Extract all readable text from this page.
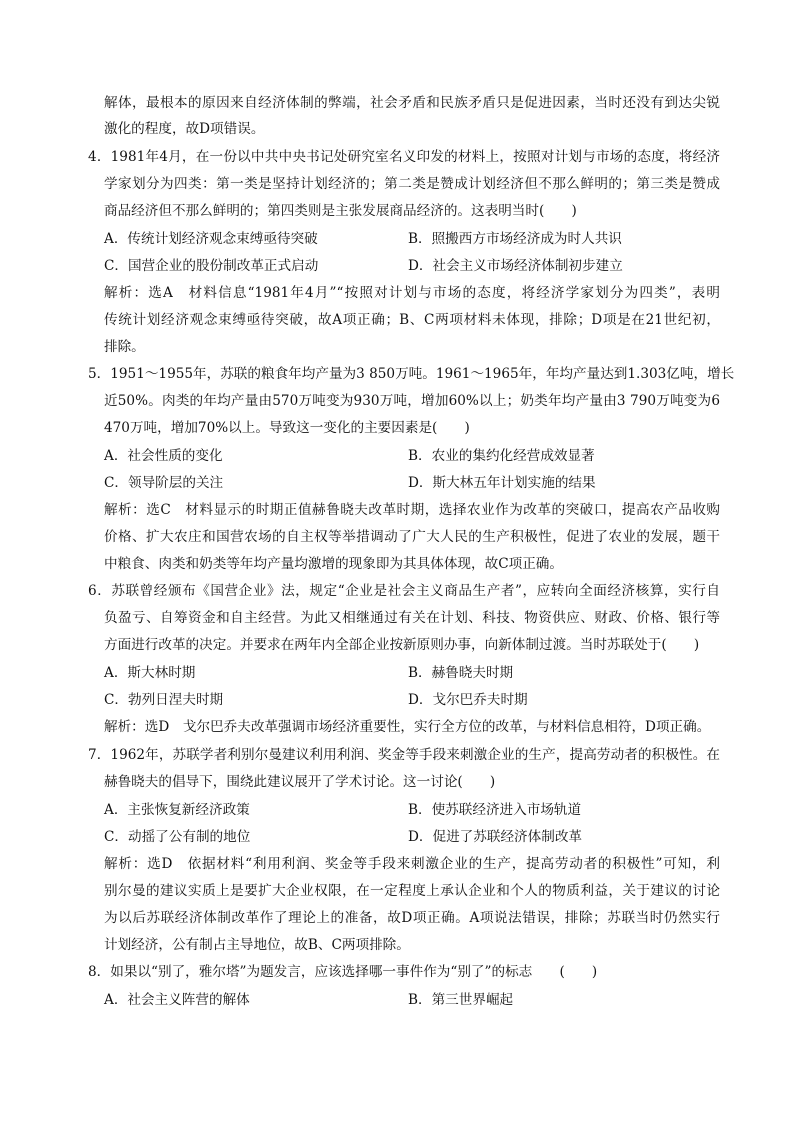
解体，最根本的原因来自经济体制的弊端，社会矛盾和民族矛盾只是促进因素，当时还没有到达尖锐
激化的程度，故D项错误。
4．1981年4月，在一份以中共中央书记处研究室名义印发的材料上，按照对计划与市场的态度，将经济
学家划分为四类：第一类是坚持计划经济的；第二类是赞成计划经济但不那么鲜明的；第三类是赞成
商品经济但不那么鲜明的；第四类则是主张发展商品经济的。这表明当时(　　)
A．传统计划经济观念束缚亟待突破	B．照搬西方市场经济成为时人共识
C．国营企业的股份制改革正式启动	D．社会主义市场经济体制初步建立
解析：选A　材料信息“1981年4月”“按照对计划与市场的态度，将经济学家划分为四类”，表明
传统计划经济观念束缚亟待突破，故A项正确；B、C两项材料未体现，排除；D项是在21世纪初，
排除。
5．1951～1955年，苏联的粮食年均产量为3 850万吨。1961～1965年，年均产量达到1.303亿吨，增长
近50%。肉类的年均产量由570万吨变为930万吨，增加60%以上；奶类年均产量由3 790万吨变为6
470万吨，增加70%以上。导致这一变化的主要因素是(　　)
A．社会性质的变化	B．农业的集约化经营成效显著
C．领导阶层的关注	D．斯大林五年计划实施的结果
解析：选C　材料显示的时期正值赫鲁晓夫改革时期，选择农业作为改革的突破口，提高农产品收购
价格、扩大农庄和国营农场的自主权等举措调动了广大人民的生产积极性，促进了农业的发展，题干
中粮食、肉类和奶类等年均产量均激增的现象即为其具体体现，故C项正确。
6．苏联曾经颁布《国营企业》法，规定“企业是社会主义商品生产者”，应转向全面经济核算，实行自
负盈亏、自筹资金和自主经营。为此又相继通过有关在计划、科技、物资供应、财政、价格、银行等
方面进行改革的决定。并要求在两年内全部企业按新原则办事，向新体制过渡。当时苏联处于(　　)
A．斯大林时期	B．赫鲁晓夫时期
C．勃列日涅夫时期	D．戈尔巴乔夫时期
解析：选D　戈尔巴乔夫改革强调市场经济重要性，实行全方位的改革，与材料信息相符，D项正确。
7．1962年，苏联学者利别尔曼建议利用利润、奖金等手段来刺激企业的生产，提高劳动者的积极性。在
赫鲁晓夫的倡导下，围绕此建议展开了学术讨论。这一讨论(　　)
A．主张恢复新经济政策	B．使苏联经济进入市场轨道
C．动摇了公有制的地位	D．促进了苏联经济体制改革
解析：选D　依据材料“利用利润、奖金等手段来刺激企业的生产，提高劳动者的积极性”可知，利
别尔曼的建议实质上是要扩大企业权限，在一定程度上承认企业和个人的物质利益，关于建议的讨论
为以后苏联经济体制改革作了理论上的准备，故D项正确。A项说法错误，排除；苏联当时仍然实行
计划经济，公有制占主导地位，故B、C两项排除。
8．如果以“别了，雅尔塔”为题发言，应该选择哪一事件作为“别了”的标志　　(　　)
A．社会主义阵营的解体	B．第三世界崛起
